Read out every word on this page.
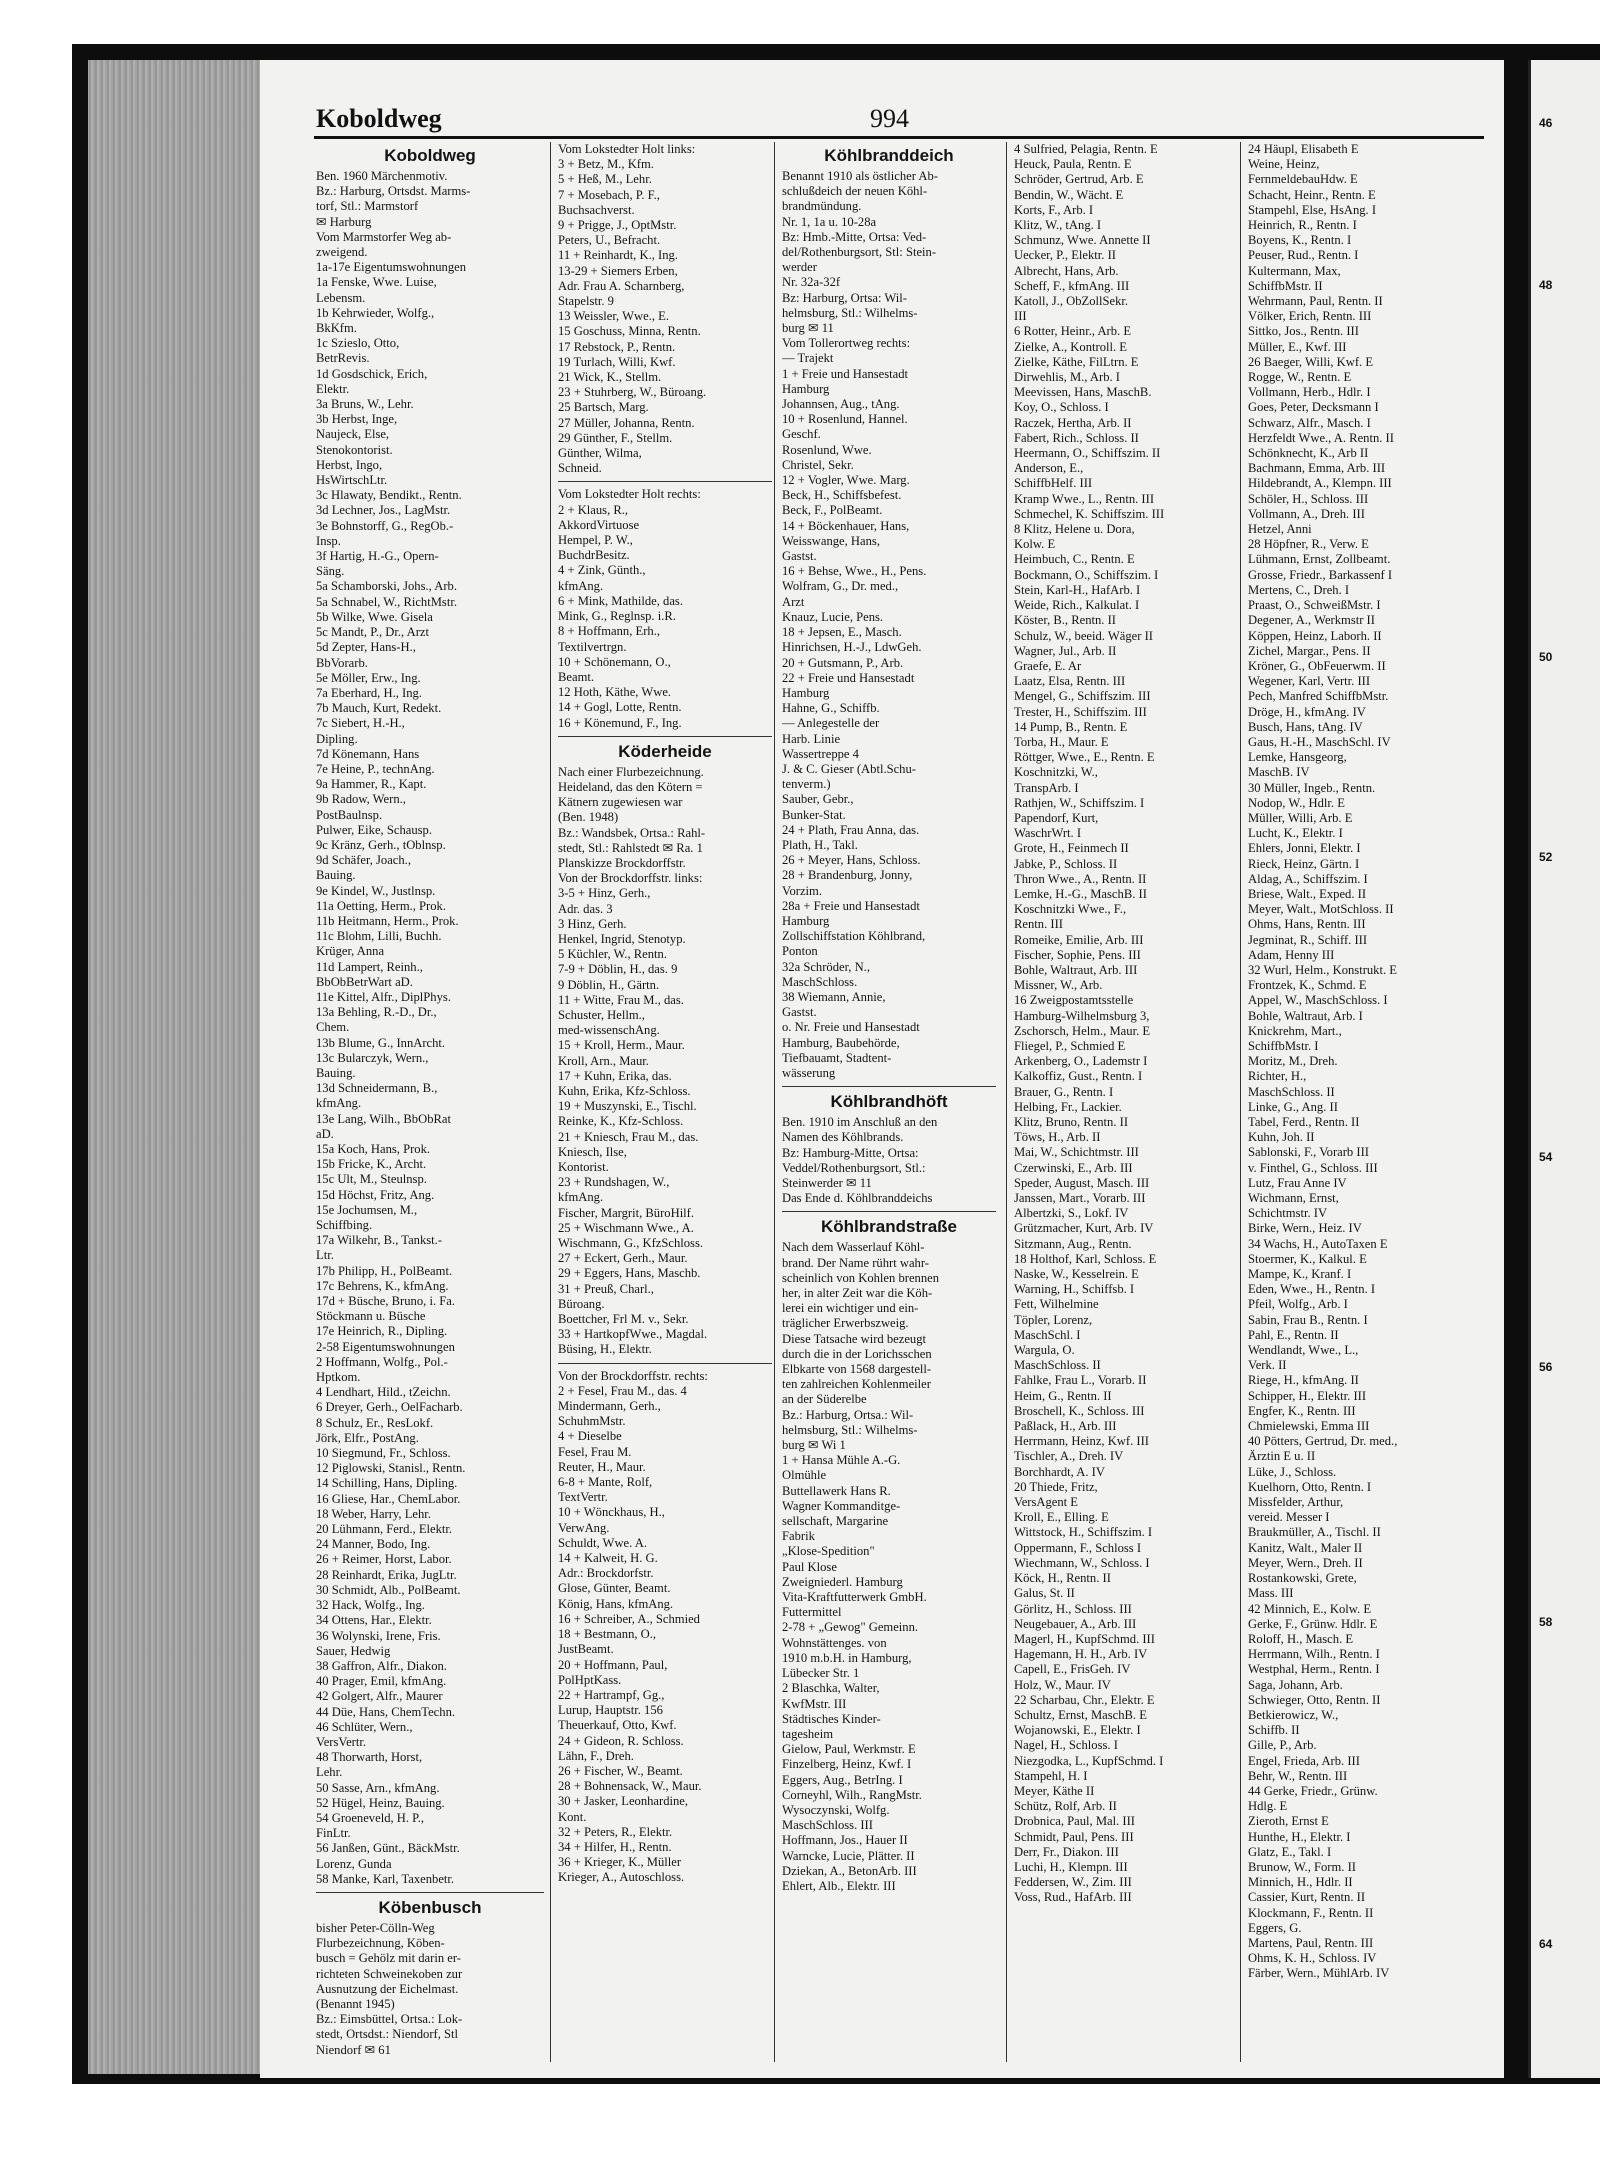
46
48
50
52
54
56
58
64
Koboldweg	994
Koboldweg
Ben. 1960 Märchenmotiv.
Bz.: Harburg, Ortsdst. Marms-
torf, Stl.: Marmstorf
✉ Harburg
Vom Marmstorfer Weg ab-
zweigend.
1a-17e Eigentumswohnungen
1a Fenske, Wwe. Luise,
Lebensm.
1b Kehrwieder, Wolfg.,
BkKfm.
1c Szieslo, Otto,
BetrRevis.
1d Gosdschick, Erich,
Elektr.
3a Bruns, W., Lehr.
3b Herbst, Inge,
Naujeck, Else,
Stenokontorist.
Herbst, Ingo,
HsWirtschLtr.
3c Hlawaty, Bendikt., Rentn.
3d Lechner, Jos., LagMstr.
3e Bohnstorff, G., RegOb.-
Insp.
3f Hartig, H.-G., Opern-
Säng.
5a Schamborski, Johs., Arb.
5a Schnabel, W., RichtMstr.
5b Wilke, Wwe. Gisela
5c Mandt, P., Dr., Arzt
5d Zepter, Hans-H.,
BbVorarb.
5e Möller, Erw., Ing.
7a Eberhard, H., Ing.
7b Mauch, Kurt, Redekt.
7c Siebert, H.-H.,
Dipling.
7d Könemann, Hans
7e Heine, P., technAng.
9a Hammer, R., Kapt.
9b Radow, Wern.,
PostBaulnsp.
Pulwer, Eike, Schausp.
9c Kränz, Gerh., tOblnsp.
9d Schäfer, Joach.,
Bauing.
9e Kindel, W., Justlnsp.
11a Oetting, Herm., Prok.
11b Heitmann, Herm., Prok.
11c Blohm, Lilli, Buchh.
Krüger, Anna
11d Lampert, Reinh.,
BbObBetrWart aD.
11e Kittel, Alfr., DiplPhys.
13a Behling, R.-D., Dr.,
Chem.
13b Blume, G., InnArcht.
13c Bularczyk, Wern.,
Bauing.
13d Schneidermann, B.,
kfmAng.
13e Lang, Wilh., BbObRat
aD.
15a Koch, Hans, Prok.
15b Fricke, K., Archt.
15c Ult, M., Steulnsp.
15d Höchst, Fritz, Ang.
15e Jochumsen, M.,
Schiffbing.
17a Wilkehr, B., Tankst.-
Ltr.
17b Philipp, H., PolBeamt.
17c Behrens, K., kfmAng.
17d + Büsche, Bruno, i. Fa.
Stöckmann u. Büsche
17e Heinrich, R., Dipling.
2-58 Eigentumswohnungen
2 Hoffmann, Wolfg., Pol.-
Hptkom.
4 Lendhart, Hild., tZeichn.
6 Dreyer, Gerh., OelFacharb.
8 Schulz, Er., ResLokf.
Jörk, Elfr., PostAng.
10 Siegmund, Fr., Schloss.
12 Piglowski, Stanisl., Rentn.
14 Schilling, Hans, Dipling.
16 Gliese, Har., ChemLabor.
18 Weber, Harry, Lehr.
20 Lühmann, Ferd., Elektr.
24 Manner, Bodo, Ing.
26 + Reimer, Horst, Labor.
28 Reinhardt, Erika, JugLtr.
30 Schmidt, Alb., PolBeamt.
32 Hack, Wolfg., Ing.
34 Ottens, Har., Elektr.
36 Wolynski, Irene, Fris.
Sauer, Hedwig
38 Gaffron, Alfr., Diakon.
40 Prager, Emil, kfmAng.
42 Golgert, Alfr., Maurer
44 Düe, Hans, ChemTechn.
46 Schlüter, Wern.,
VersVertr.
48 Thorwarth, Horst,
Lehr.
50 Sasse, Arn., kfmAng.
52 Hügel, Heinz, Bauing.
54 Groeneveld, H. P.,
FinLtr.
56 Janßen, Günt., BäckMstr.
Lorenz, Gunda
58 Manke, Karl, Taxenbetr.
Köbenbusch
bisher Peter-Cölln-Weg
Flurbezeichnung, Köben-
busch = Gehölz mit darin er-
richteten Schweinekoben zur
Ausnutzung der Eichelmast.
(Benannt 1945)
Bz.: Eimsbüttel, Ortsa.: Lok-
stedt, Ortsdst.: Niendorf, Stl
Niendorf ✉ 61
Vom Lokstedter Holt links:
3 + Betz, M., Kfm.
5 + Heß, M., Lehr.
7 + Mosebach, P. F.,
Buchsachverst.
9 + Prigge, J., OptMstr.
Peters, U., Befracht.
11 + Reinhardt, K., Ing.
13-29 + Siemers Erben,
Adr. Frau A. Scharnberg,
Stapelstr. 9
13 Weissler, Wwe., E.
15 Goschuss, Minna, Rentn.
17 Rebstock, P., Rentn.
19 Turlach, Willi, Kwf.
21 Wick, K., Stellm.
23 + Stuhrberg, W., Büroang.
25 Bartsch, Marg.
27 Müller, Johanna, Rentn.
29 Günther, F., Stellm.
Günther, Wilma,
Schneid.
Vom Lokstedter Holt rechts:
2 + Klaus, R.,
AkkordVirtuose
Hempel, P. W.,
BuchdrBesitz.
4 + Zink, Günth.,
kfmAng.
6 + Mink, Mathilde, das.
Mink, G., Reglnsp. i.R.
8 + Hoffmann, Erh.,
Textilvertrgn.
10 + Schönemann, O.,
Beamt.
12 Hoth, Käthe, Wwe.
14 + Gogl, Lotte, Rentn.
16 + Könemund, F., Ing.
Köderheide
Nach einer Flurbezeichnung.
Heideland, das den Kötern =
Kätnern zugewiesen war
(Ben. 1948)
Bz.: Wandsbek, Ortsa.: Rahl-
stedt, Stl.: Rahlstedt ✉ Ra. 1
Planskizze Brockdorffstr.
Von der Brockdorffstr. links:
3-5 + Hinz, Gerh.,
Adr. das. 3
3 Hinz, Gerh.
Henkel, Ingrid, Stenotyp.
5 Küchler, W., Rentn.
7-9 + Döblin, H., das. 9
9 Döblin, H., Gärtn.
11 + Witte, Frau M., das.
Schuster, Hellm.,
med-wissenschAng.
15 + Kroll, Herm., Maur.
Kroll, Arn., Maur.
17 + Kuhn, Erika, das.
Kuhn, Erika, Kfz-Schloss.
19 + Muszynski, E., Tischl.
Reinke, K., Kfz-Schloss.
21 + Kniesch, Frau M., das.
Kniesch, Ilse,
Kontorist.
23 + Rundshagen, W.,
kfmAng.
Fischer, Margrit, BüroHilf.
25 + Wischmann Wwe., A.
Wischmann, G., KfzSchloss.
27 + Eckert, Gerh., Maur.
29 + Eggers, Hans, Maschb.
31 + Preuß, Charl.,
Büroang.
Boettcher, Frl M. v., Sekr.
33 + HartkopfWwe., Magdal.
Büsing, H., Elektr.
Von der Brockdorffstr. rechts:
2 + Fesel, Frau M., das. 4
Mindermann, Gerh.,
SchuhmMstr.
4 + Dieselbe
Fesel, Frau M.
Reuter, H., Maur.
6-8 + Mante, Rolf,
TextVertr.
10 + Wönckhaus, H.,
VerwAng.
Schuldt, Wwe. A.
14 + Kalweit, H. G.
Adr.: Brockdorfstr.
Glose, Günter, Beamt.
König, Hans, kfmAng.
16 + Schreiber, A., Schmied
18 + Bestmann, O.,
JustBeamt.
20 + Hoffmann, Paul,
PolHptKass.
22 + Hartrampf, Gg.,
Lurup, Hauptstr. 156
Theuerkauf, Otto, Kwf.
24 + Gideon, R. Schloss.
Lähn, F., Dreh.
26 + Fischer, W., Beamt.
28 + Bohnensack, W., Maur.
30 + Jasker, Leonhardine,
Kont.
32 + Peters, R., Elektr.
34 + Hilfer, H., Rentn.
36 + Krieger, K., Müller
Krieger, A., Autoschloss.
Köhlbranddeich
Benannt 1910 als östlicher Ab-
schlußdeich der neuen Köhl-
brandmündung.
Nr. 1, 1a u. 10-28a
Bz: Hmb.-Mitte, Ortsa: Ved-
del/Rothenburgsort, Stl: Stein-
werder
Nr. 32a-32f
Bz: Harburg, Ortsa: Wil-
helmsburg, Stl.: Wilhelms-
burg ✉ 11
Vom Tollerortweg rechts:
— Trajekt
1 + Freie und Hansestadt
Hamburg
Johannsen, Aug., tAng.
10 + Rosenlund, Hannel.
Geschf.
Rosenlund, Wwe.
Christel, Sekr.
12 + Vogler, Wwe. Marg.
Beck, H., Schiffsbefest.
Beck, F., PolBeamt.
14 + Böckenhauer, Hans,
Weisswange, Hans,
Gastst.
16 + Behse, Wwe., H., Pens.
Wolfram, G., Dr. med.,
Arzt
Knauz, Lucie, Pens.
18 + Jepsen, E., Masch.
Hinrichsen, H.-J., LdwGeh.
20 + Gutsmann, P., Arb.
22 + Freie und Hansestadt
Hamburg
Hahne, G., Schiffb.
— Anlegestelle der
Harb. Linie
Wassertreppe 4
J. & C. Gieser (Abtl.Schu-
tenverm.)
Sauber, Gebr.,
Bunker-Stat.
24 + Plath, Frau Anna, das.
Plath, H., Takl.
26 + Meyer, Hans, Schloss.
28 + Brandenburg, Jonny,
Vorzim.
28a + Freie und Hansestadt
Hamburg
Zollschiffstation Köhlbrand,
Ponton
32a Schröder, N.,
MaschSchloss.
38 Wiemann, Annie,
Gastst.
o. Nr. Freie und Hansestadt
Hamburg, Baubehörde,
Tiefbauamt, Stadtent-
wässerung
Köhlbrandhöft
Ben. 1910 im Anschluß an den
Namen des Köhlbrands.
Bz: Hamburg-Mitte, Ortsa:
Veddel/Rothenburgsort, Stl.:
Steinwerder ✉ 11
Das Ende d. Köhlbranddeichs
Köhlbrandstraße
Nach dem Wasserlauf Köhl-
brand. Der Name rührt wahr-
scheinlich von Kohlen brennen
her, in alter Zeit war die Köh-
lerei ein wichtiger und ein-
träglicher Erwerbszweig.
Diese Tatsache wird bezeugt
durch die in der Lorichsschen
Elbkarte von 1568 dargestell-
ten zahlreichen Kohlenmeiler
an der Süderelbe
Bz.: Harburg, Ortsa.: Wil-
helmsburg, Stl.: Wilhelms-
burg ✉ Wi 1
1 + Hansa Mühle A.-G.
Olmühle
Buttellawerk Hans R.
Wagner Kommanditge-
sellschaft, Margarine
Fabrik
„Klose-Spedition"
Paul Klose
Zweigniederl. Hamburg
Vita-Kraftfutterwerk GmbH.
Futtermittel
2-78 + „Gewog" Gemeinn.
Wohnstättenges. von
1910 m.b.H. in Hamburg,
Lübecker Str. 1
2 Blaschka, Walter,
KwfMstr. III
Städtisches Kinder-
tagesheim
Gielow, Paul, Werkmstr. E
Finzelberg, Heinz, Kwf. I
Eggers, Aug., BetrIng. I
Corneyhl, Wilh., RangMstr.
Wysoczynski, Wolfg.
MaschSchloss. III
Hoffmann, Jos., Hauer II
Warncke, Lucie, Plätter. II
Dziekan, A., BetonArb. III
Ehlert, Alb., Elektr. III
4 Sulfried, Pelagia, Rentn. E
Heuck, Paula, Rentn. E
Schröder, Gertrud, Arb. E
Bendin, W., Wächt. E
Korts, F., Arb. I
Klitz, W., tAng. I
Schmunz, Wwe. Annette II
Uecker, P., Elektr. II
Albrecht, Hans, Arb.
Scheff, F., kfmAng. III
Katoll, J., ObZollSekr.
III
6 Rotter, Heinr., Arb. E
Zielke, A., Kontroll. E
Zielke, Käthe, FilLtrn. E
Dirwehlis, M., Arb. I
Meevissen, Hans, MaschB.
Koy, O., Schloss. I
Raczek, Hertha, Arb. II
Fabert, Rich., Schloss. II
Heermann, O., Schiffszim. II
Anderson, E.,
SchiffbHelf. III
Kramp Wwe., L., Rentn. III
Schmechel, K. Schiffszim. III
8 Klitz, Helene u. Dora,
Kolw. E
Heimbuch, C., Rentn. E
Bockmann, O., Schiffszim. I
Stein, Karl-H., HafArb. I
Weide, Rich., Kalkulat. I
Köster, B., Rentn. II
Schulz, W., beeid. Wäger II
Wagner, Jul., Arb. II
Graefe, E. Ar
Laatz, Elsa, Rentn. III
Mengel, G., Schiffszim. III
Trester, H., Schiffszim. III
14 Pump, B., Rentn. E
Torba, H., Maur. E
Röttger, Wwe., E., Rentn. E
Koschnitzki, W.,
TranspArb. I
Rathjen, W., Schiffszim. I
Papendorf, Kurt,
WaschrWrt. I
Grote, H., Feinmech II
Jabke, P., Schloss. II
Thron Wwe., A., Rentn. II
Lemke, H.-G., MaschB. II
Koschnitzki Wwe., F.,
Rentn. III
Romeike, Emilie, Arb. III
Fischer, Sophie, Pens. III
Bohle, Waltraut, Arb. III
Missner, W., Arb.
16 Zweigpostamtsstelle
Hamburg-Wilhelmsburg 3,
Zschorsch, Helm., Maur. E
Fliegel, P., Schmied E
Arkenberg, O., Lademstr I
Kalkoffiz, Gust., Rentn. I
Brauer, G., Rentn. I
Helbing, Fr., Lackier.
Klitz, Bruno, Rentn. II
Töws, H., Arb. II
Mai, W., Schichtmstr. III
Czerwinski, E., Arb. III
Speder, August, Masch. III
Janssen, Mart., Vorarb. III
Albertzki, S., Lokf. IV
Grützmacher, Kurt, Arb. IV
Sitzmann, Aug., Rentn.
18 Holthof, Karl, Schloss. E
Naske, W., Kesselrein. E
Warning, H., Schiffsb. I
Fett, Wilhelmine
Töpler, Lorenz,
MaschSchl. I
Wargula, O.
MaschSchloss. II
Fahlke, Frau L., Vorarb. II
Heim, G., Rentn. II
Broschell, K., Schloss. III
Paßlack, H., Arb. III
Herrmann, Heinz, Kwf. III
Tischler, A., Dreh. IV
Borchhardt, A. IV
20 Thiede, Fritz,
VersAgent E
Kroll, E., Elling. E
Wittstock, H., Schiffszim. I
Oppermann, F., Schloss I
Wiechmann, W., Schloss. I
Köck, H., Rentn. II
Galus, St. II
Görlitz, H., Schloss. III
Neugebauer, A., Arb. III
Magerl, H., KupfSchmd. III
Hagemann, H. H., Arb. IV
Capell, E., FrisGeh. IV
Holz, W., Maur. IV
22 Scharbau, Chr., Elektr. E
Schultz, Ernst, MaschB. E
Wojanowski, E., Elektr. I
Nagel, H., Schloss. I
Niezgodka, L., KupfSchmd. I
Stampehl, H. I
Meyer, Käthe II
Schütz, Rolf, Arb. II
Drobnica, Paul, Mal. III
Schmidt, Paul, Pens. III
Derr, Fr., Diakon. III
Luchi, H., Klempn. III
Feddersen, W., Zim. III
Voss, Rud., HafArb. III
24 Häupl, Elisabeth E
Weine, Heinz,
FernmeldebauHdw. E
Schacht, Heinr., Rentn. E
Stampehl, Else, HsAng. I
Heinrich, R., Rentn. I
Boyens, K., Rentn. I
Peuser, Rud., Rentn. I
Kultermann, Max,
SchiffbMstr. II
Wehrmann, Paul, Rentn. II
Völker, Erich, Rentn. III
Sittko, Jos., Rentn. III
Müller, E., Kwf. III
26 Baeger, Willi, Kwf. E
Rogge, W., Rentn. E
Vollmann, Herb., Hdlr. I
Goes, Peter, Decksmann I
Schwarz, Alfr., Masch. I
Herzfeldt Wwe., A. Rentn. II
Schönknecht, K., Arb II
Bachmann, Emma, Arb. III
Hildebrandt, A., Klempn. III
Schöler, H., Schloss. III
Vollmann, A., Dreh. III
Hetzel, Anni
28 Höpfner, R., Verw. E
Lühmann, Ernst, Zollbeamt.
Grosse, Friedr., Barkassenf I
Mertens, C., Dreh. I
Praast, O., SchweißMstr. I
Degener, A., Werkmstr II
Köppen, Heinz, Laborh. II
Zichel, Margar., Pens. II
Kröner, G., ObFeuerwm. II
Wegener, Karl, Vertr. III
Pech, Manfred SchiffbMstr.
Dröge, H., kfmAng. IV
Busch, Hans, tAng. IV
Gaus, H.-H., MaschSchl. IV
Lemke, Hansgeorg,
MaschB. IV
30 Müller, Ingeb., Rentn.
Nodop, W., Hdlr. E
Müller, Willi, Arb. E
Lucht, K., Elektr. I
Ehlers, Jonni, Elektr. I
Rieck, Heinz, Gärtn. I
Aldag, A., Schiffszim. I
Briese, Walt., Exped. II
Meyer, Walt., MotSchloss. II
Ohms, Hans, Rentn. III
Jegminat, R., Schiff. III
Adam, Henny III
32 Wurl, Helm., Konstrukt. E
Frontzek, K., Schmd. E
Appel, W., MaschSchloss. I
Bohle, Waltraut, Arb. I
Knickrehm, Mart.,
SchiffbMstr. I
Moritz, M., Dreh.
Richter, H.,
MaschSchloss. II
Linke, G., Ang. II
Tabel, Ferd., Rentn. II
Kuhn, Joh. II
Sablonski, F., Vorarb III
v. Finthel, G., Schloss. III
Lutz, Frau Anne IV
Wichmann, Ernst,
Schichtmstr. IV
Birke, Wern., Heiz. IV
34 Wachs, H., AutoTaxen E
Stoermer, K., Kalkul. E
Mampe, K., Kranf. I
Eden, Wwe., H., Rentn. I
Pfeil, Wolfg., Arb. I
Sabin, Frau B., Rentn. I
Pahl, E., Rentn. II
Wendlandt, Wwe., L.,
Verk. II
Riege, H., kfmAng. II
Schipper, H., Elektr. III
Engfer, K., Rentn. III
Chmielewski, Emma III
40 Pötters, Gertrud, Dr. med.,
Ärztin E u. II
Lüke, J., Schloss.
Kuelhorn, Otto, Rentn. I
Missfelder, Arthur,
vereid. Messer I
Braukmüller, A., Tischl. II
Kanitz, Walt., Maler II
Meyer, Wern., Dreh. II
Rostankowski, Grete,
Mass. III
42 Minnich, E., Kolw. E
Gerke, F., Grünw. Hdlr. E
Roloff, H., Masch. E
Herrmann, Wilh., Rentn. I
Westphal, Herm., Rentn. I
Saga, Johann, Arb.
Schwieger, Otto, Rentn. II
Betkierowicz, W.,
Schiffb. II
Gille, P., Arb.
Engel, Frieda, Arb. III
Behr, W., Rentn. III
44 Gerke, Friedr., Grünw.
Hdlg. E
Zieroth, Ernst E
Hunthe, H., Elektr. I
Glatz, E., Takl. I
Brunow, W., Form. II
Minnich, H., Hdlr. II
Cassier, Kurt, Rentn. II
Klockmann, F., Rentn. II
Eggers, G.
Martens, Paul, Rentn. III
Ohms, K. H., Schloss. IV
Färber, Wern., MühlArb. IV
